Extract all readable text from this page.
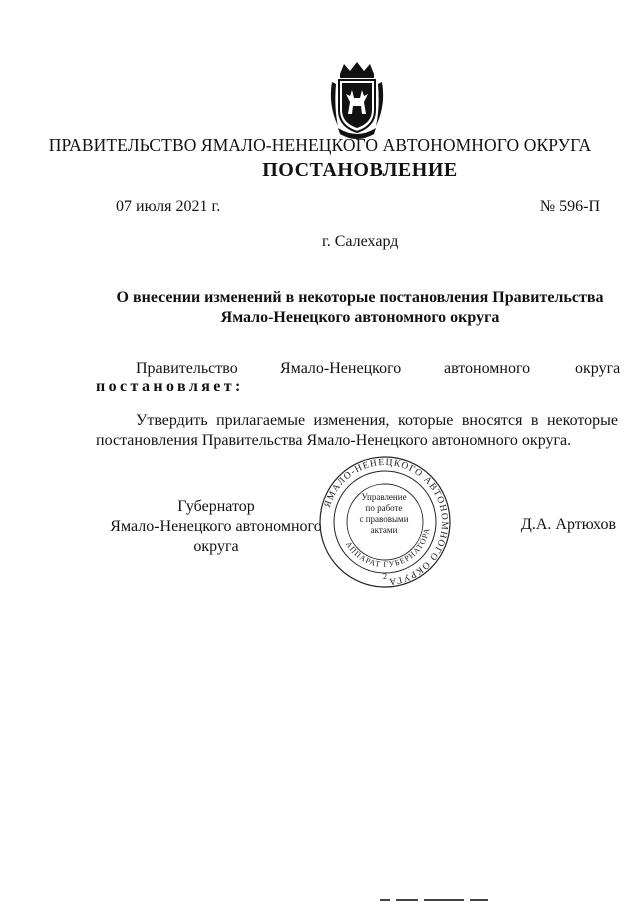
ПРАВИТЕЛЬСТВО ЯМАЛО-НЕНЕЦКОГО АВТОНОМНОГО ОКРУГА
ПОСТАНОВЛЕНИЕ
07 июля 2021 г.	№ 596-П
г. Салехард
О внесении изменений в некоторые постановления Правительства
Ямало-Ненецкого автономного округа
Правительство	Ямало-Ненецкого	автономного	округа
постановляет:
Утвердить прилагаемые изменения, которые вносятся в некоторые постановления Правительства Ямало-Ненецкого автономного округа.
Губернатор
Ямало-Ненецкого автономного округа
Д.А. Артюхов
ЯМАЛО-НЕНЕЦКОГО АВТОНОМНОГО ОКРУГА
АППАРАТ ГУБЕРНАТОРА
2
Управление
по работе
с правовыми
актами
